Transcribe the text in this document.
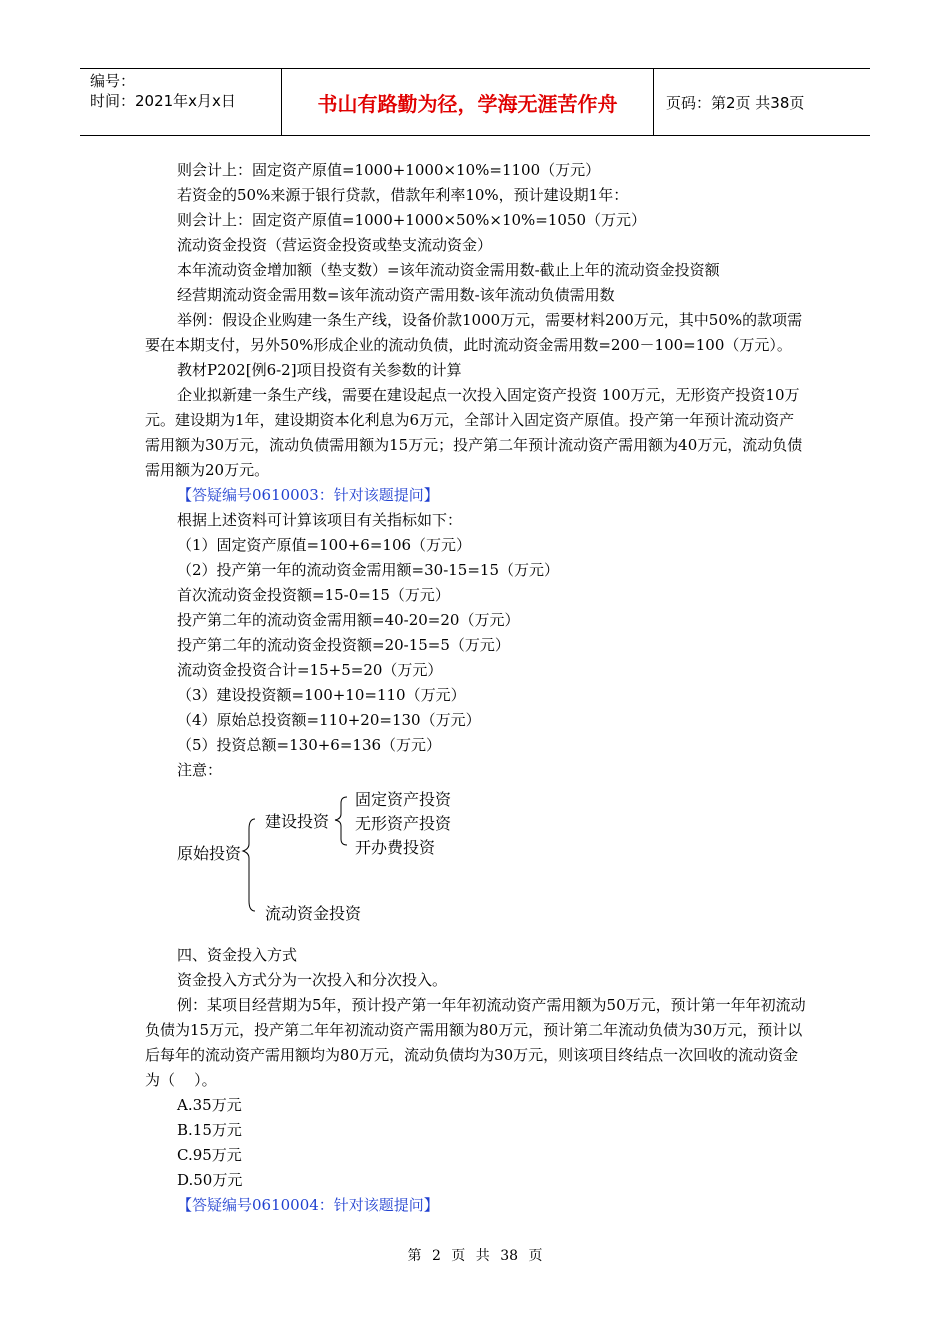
编号：
时间：2021年x月x日	书山有路勤为径，学海无涯苦作舟	页码：第2页 共38页

则会计上：固定资产原值=1000+1000×10%=1100（万元）

若资金的50%来源于银行贷款，借款年利率10%，预计建设期1年：

则会计上：固定资产原值=1000+1000×50%×10%=1050（万元）

流动资金投资（营运资金投资或垫支流动资金）

本年流动资金增加额（垫支数）=该年流动资金需用数-截止上年的流动资金投资额

经营期流动资金需用数=该年流动资产需用数-该年流动负债需用数

举例：假设企业购建一条生产线，设备价款1000万元，需要材料200万元，其中50%的款项需要在本期支付，另外50%形成企业的流动负债，此时流动资金需用数=200－100=100（万元）。

教材P202[例6-2]项目投资有关参数的计算

企业拟新建一条生产线，需要在建设起点一次投入固定资产投资 100万元，无形资产投资10万元。建设期为1年，建设期资本化利息为6万元，全部计入固定资产原值。投产第一年预计流动资产需用额为30万元，流动负债需用额为15万元；投产第二年预计流动资产需用额为40万元，流动负债需用额为20万元。

【答疑编号0610003：针对该题提问】

根据上述资料可计算该项目有关指标如下：

（1）固定资产原值=100+6=106（万元）

（2）投产第一年的流动资金需用额=30-15=15（万元）

首次流动资金投资额=15-0=15（万元）

投产第二年的流动资金需用额=40-20=20（万元）

投产第二年的流动资金投资额=20-15=5（万元）

流动资金投资合计=15+5=20（万元）

（3）建设投资额=100+10=110（万元）

（4）原始总投资额=110+20=130（万元）

（5）投资总额=130+6=136（万元）

注意：

原始投资
建设投资
固定资产投资
无形资产投资
开办费投资
流动资金投资

四、资金投入方式

资金投入方式分为一次投入和分次投入。

例：某项目经营期为5年，预计投产第一年年初流动资产需用额为50万元，预计第一年年初流动负债为15万元，投产第二年年初流动资产需用额为80万元，预计第二年流动负债为30万元，预计以后每年的流动资产需用额均为80万元，流动负债均为30万元，则该项目终结点一次回收的流动资金为（    ）。

A.35万元

B.15万元

C.95万元

D.50万元

【答疑编号0610004：针对该题提问】

第 2 页 共 38 页
